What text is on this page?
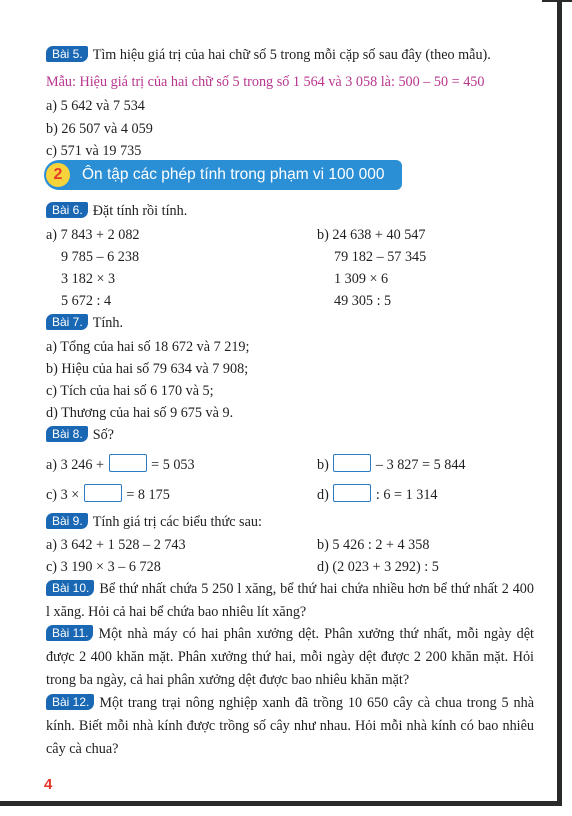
Bài 5. Tìm hiệu giá trị của hai chữ số 5 trong mỗi cặp số sau đây (theo mẫu).
Mẫu: Hiệu giá trị của hai chữ số 5 trong số 1 564 và 3 058 là: 500 – 50 = 450
a) 5 642 và 7 534
b) 26 507 và 4 059
c) 571 và 19 735
2	Ôn tập các phép tính trong phạm vi 100 000
Bài 6. Đặt tính rồi tính.
a) 7 843 + 2 082	b) 24 638 + 40 547
9 785 – 6 238	79 182 – 57 345
3 182 × 3	1 309 × 6
5 672 : 4	49 305 : 5
Bài 7. Tính.
a) Tổng của hai số 18 672 và 7 219;
b) Hiệu của hai số 79 634 và 7 908;
c) Tích của hai số 6 170 và 5;
d) Thương của hai số 9 675 và 9.
Bài 8. Số?
a) 3 246 +	= 5 053	b)	– 3 827 = 5 844
c) 3 ×	= 8 175	d)	: 6 = 1 314
Bài 9. Tính giá trị các biểu thức sau:
a) 3 642 + 1 528 – 2 743	b) 5 426 : 2 + 4 358
c) 3 190 × 3 – 6 728	d) (2 023 + 3 292) : 5
Bài 10. Bể thứ nhất chứa 5 250 l xăng, bể thứ hai chứa nhiều hơn bể thứ nhất 2 400 l xăng. Hỏi cả hai bể chứa bao nhiêu lít xăng?
Bài 11. Một nhà máy có hai phân xưởng dệt. Phân xưởng thứ nhất, mỗi ngày dệt được 2 400 khăn mặt. Phân xưởng thứ hai, mỗi ngày dệt được 2 200 khăn mặt. Hỏi trong ba ngày, cả hai phân xưởng dệt được bao nhiêu khăn mặt?
Bài 12. Một trang trại nông nghiệp xanh đã trồng 10 650 cây cà chua trong 5 nhà kính. Biết mỗi nhà kính được trồng số cây như nhau. Hỏi mỗi nhà kính có bao nhiêu cây cà chua?
4
